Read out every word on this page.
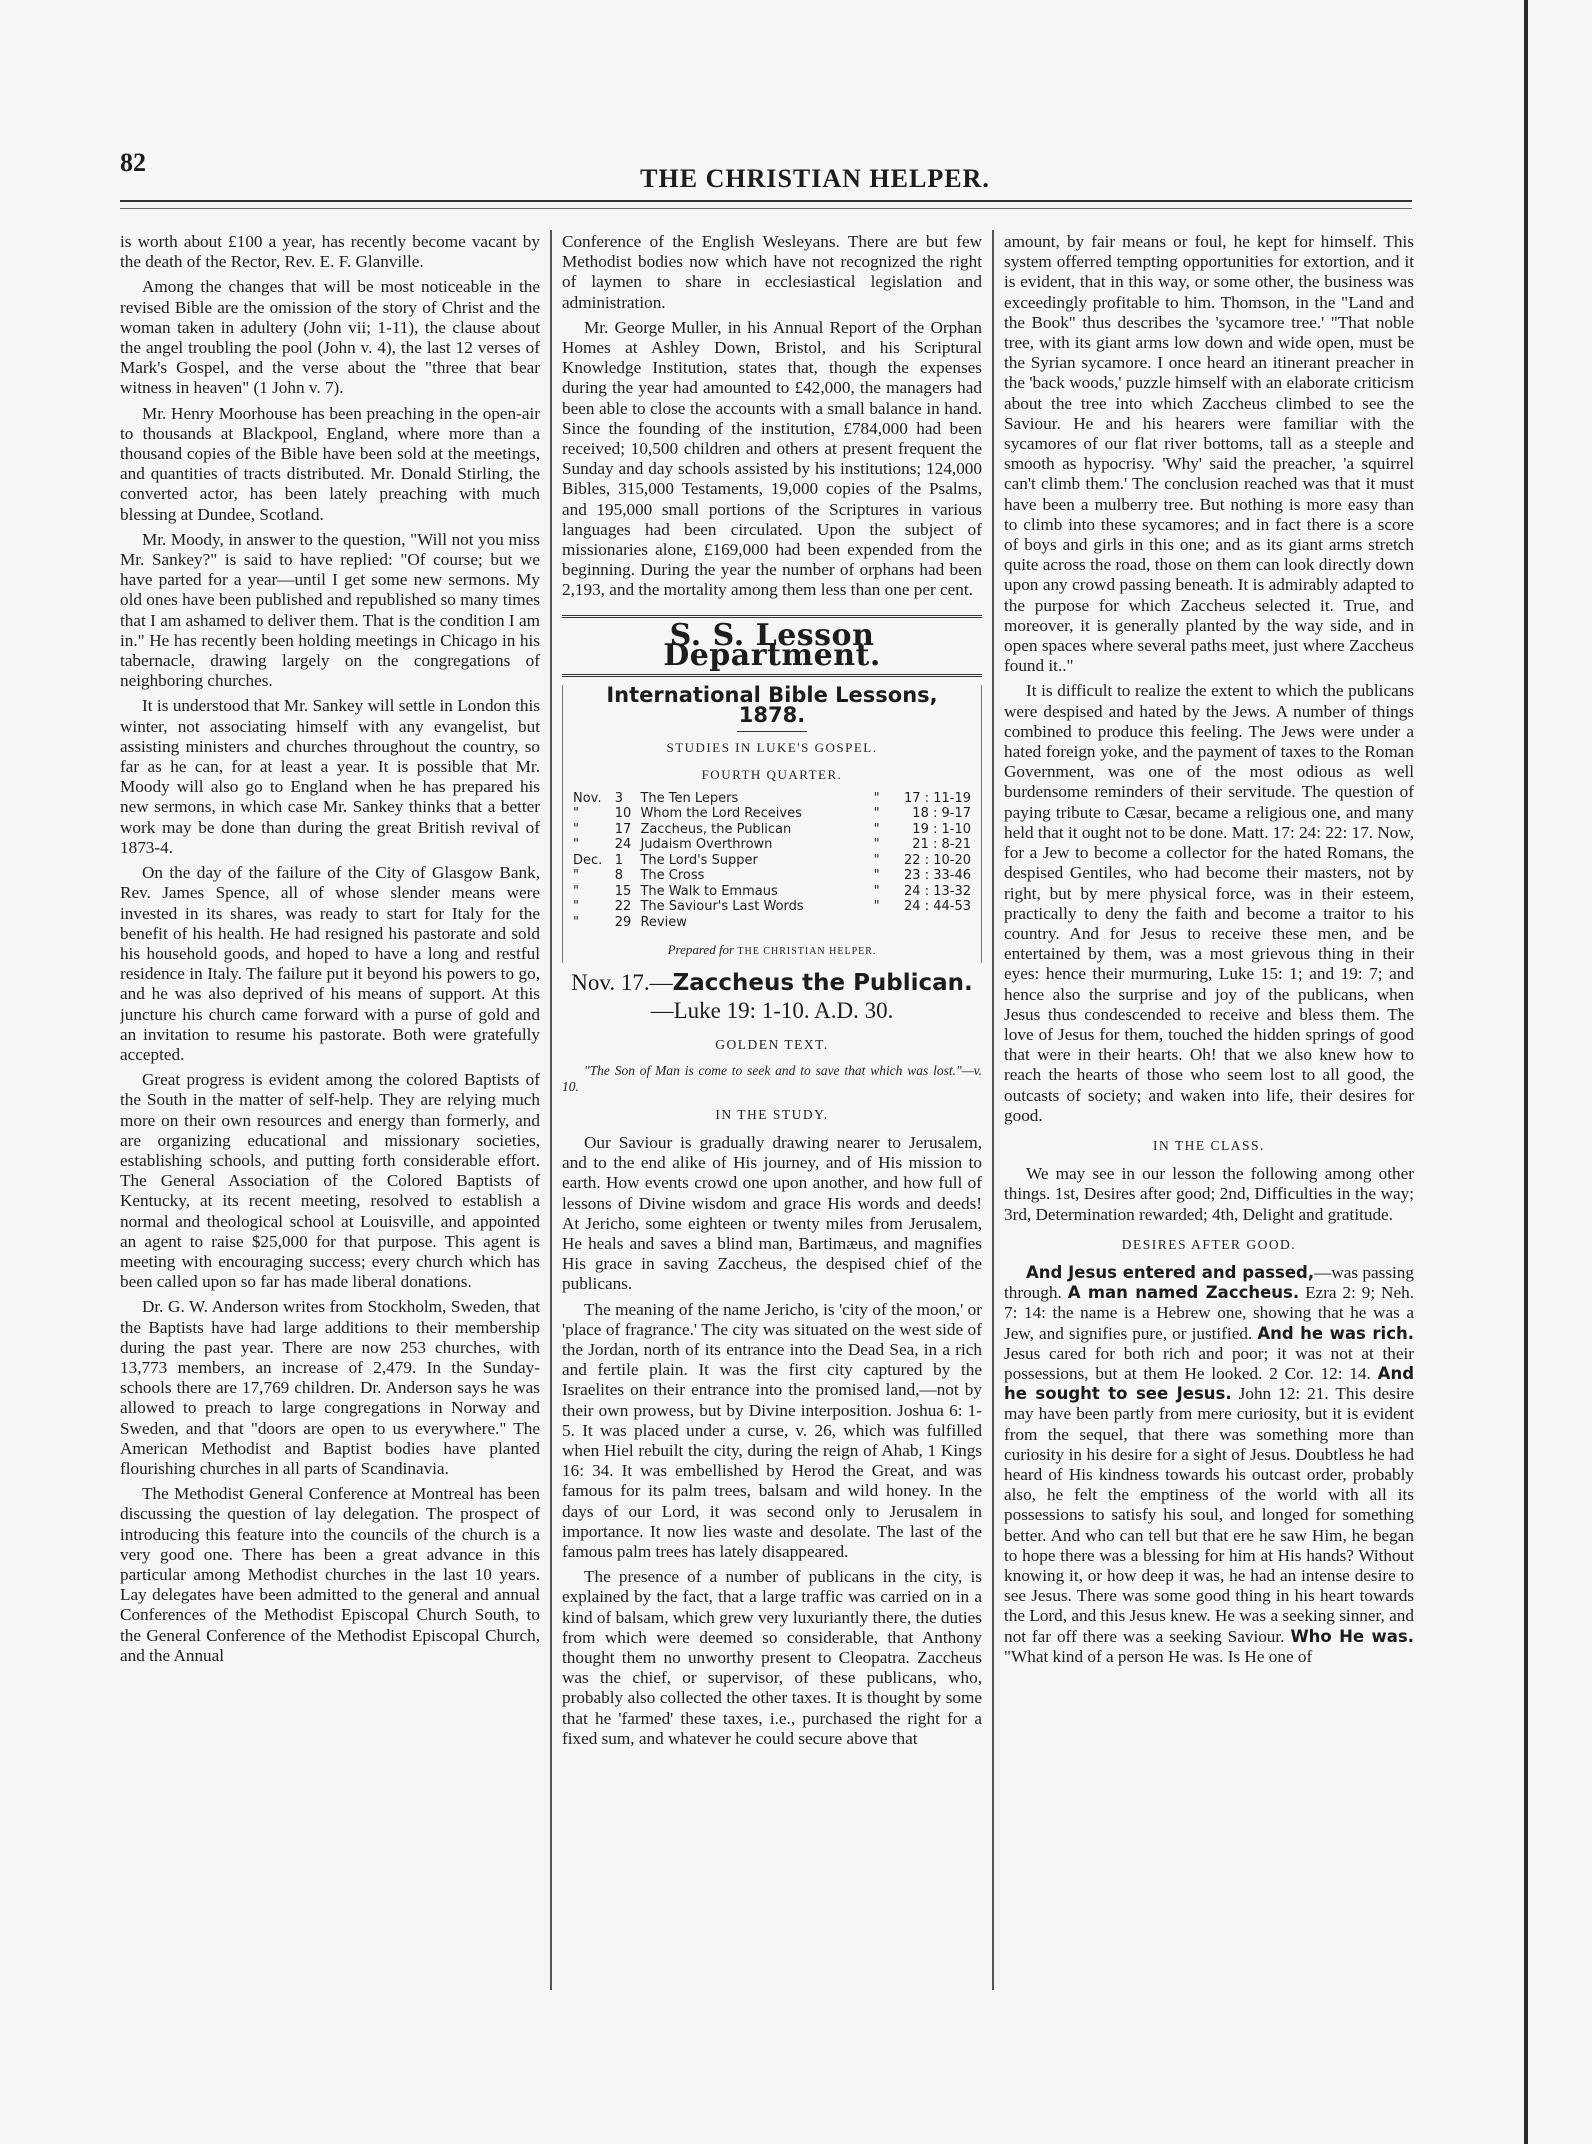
82
THE CHRISTIAN HELPER.

is worth about £100 a year, has recently become vacant by the death of the Rector, Rev. E. F. Glanville.

Among the changes that will be most noticeable in the revised Bible are the omission of the story of Christ and the woman taken in adultery (John vii; 1-11), the clause about the angel troubling the pool (John v. 4), the last 12 verses of Mark's Gospel, and the verse about the "three that bear witness in heaven" (1 John v. 7).

Mr. Henry Moorhouse has been preaching in the open-air to thousands at Blackpool, England, where more than a thousand copies of the Bible have been sold at the meetings, and quantities of tracts distributed. Mr. Donald Stirling, the converted actor, has been lately preaching with much blessing at Dundee, Scotland.

Mr. Moody, in answer to the question, "Will not you miss Mr. Sankey?" is said to have replied: "Of course; but we have parted for a year—until I get some new sermons. My old ones have been published and republished so many times that I am ashamed to deliver them. That is the condition I am in." He has recently been holding meetings in Chicago in his tabernacle, drawing largely on the congregations of neighboring churches.

It is understood that Mr. Sankey will settle in London this winter, not associating himself with any evangelist, but assisting ministers and churches throughout the country, so far as he can, for at least a year. It is possible that Mr. Moody will also go to England when he has prepared his new sermons, in which case Mr. Sankey thinks that a better work may be done than during the great British revival of 1873-4.

On the day of the failure of the City of Glasgow Bank, Rev. James Spence, all of whose slender means were invested in its shares, was ready to start for Italy for the benefit of his health. He had resigned his pastorate and sold his household goods, and hoped to have a long and restful residence in Italy. The failure put it beyond his powers to go, and he was also deprived of his means of support. At this juncture his church came forward with a purse of gold and an invitation to resume his pastorate. Both were gratefully accepted.

Great progress is evident among the colored Baptists of the South in the matter of self-help. They are relying much more on their own resources and energy than formerly, and are organizing educational and missionary societies, establishing schools, and putting forth considerable effort. The General Association of the Colored Baptists of Kentucky, at its recent meeting, resolved to establish a normal and theological school at Louisville, and appointed an agent to raise $25,000 for that purpose. This agent is meeting with encouraging success; every church which has been called upon so far has made liberal donations.

Dr. G. W. Anderson writes from Stockholm, Sweden, that the Baptists have had large additions to their membership during the past year. There are now 253 churches, with 13,773 members, an increase of 2,479. In the Sunday-schools there are 17,769 children. Dr. Anderson says he was allowed to preach to large congregations in Norway and Sweden, and that "doors are open to us everywhere." The American Methodist and Baptist bodies have planted flourishing churches in all parts of Scandinavia.

The Methodist General Conference at Montreal has been discussing the question of lay delegation. The prospect of introducing this feature into the councils of the church is a very good one. There has been a great advance in this particular among Methodist churches in the last 10 years. Lay delegates have been admitted to the general and annual Conferences of the Methodist Episcopal Church South, to the General Conference of the Methodist Episcopal Church, and the Annual

Conference of the English Wesleyans. There are but few Methodist bodies now which have not recognized the right of laymen to share in ecclesiastical legislation and administration.

Mr. George Muller, in his Annual Report of the Orphan Homes at Ashley Down, Bristol, and his Scriptural Knowledge Institution, states that, though the expenses during the year had amounted to £42,000, the managers had been able to close the accounts with a small balance in hand. Since the founding of the institution, £784,000 had been received; 10,500 children and others at present frequent the Sunday and day schools assisted by his institutions; 124,000 Bibles, 315,000 Testaments, 19,000 copies of the Psalms, and 195,000 small portions of the Scriptures in various languages had been circulated. Upon the subject of missionaries alone, £169,000 had been expended from the beginning. During the year the number of orphans had been 2,193, and the mortality among them less than one per cent.

S. S. Lesson Department.
International Bible Lessons, 1878.
STUDIES IN LUKE'S GOSPEL.
FOURTH QUARTER.
Nov.	3	The Ten Lepers	"	17 : 11-19
"	10	Whom the Lord Receives	"	18 : 9-17
"	17	Zaccheus, the Publican	"	19 : 1-10
"	24	Judaism Overthrown	"	21 : 8-21
Dec.	1	The Lord's Supper	"	22 : 10-20
"	8	The Cross	"	23 : 33-46
"	15	The Walk to Emmaus	"	24 : 13-32
"	22	The Saviour's Last Words	"	24 : 44-53
"	29	Review		
Prepared for THE CHRISTIAN HELPER.
Nov. 17.—Zaccheus the Publican.—Luke 19: 1-10. A.D. 30.
GOLDEN TEXT.

"The Son of Man is come to seek and to save that which was lost."—v. 10.

IN THE STUDY.

Our Saviour is gradually drawing nearer to Jerusalem, and to the end alike of His journey, and of His mission to earth. How events crowd one upon another, and how full of lessons of Divine wisdom and grace His words and deeds! At Jericho, some eighteen or twenty miles from Jerusalem, He heals and saves a blind man, Bartimæus, and magnifies His grace in saving Zaccheus, the despised chief of the publicans.

The meaning of the name Jericho, is 'city of the moon,' or 'place of fragrance.' The city was situated on the west side of the Jordan, north of its entrance into the Dead Sea, in a rich and fertile plain. It was the first city captured by the Israelites on their entrance into the promised land,—not by their own prowess, but by Divine interposition. Joshua 6: 1-5. It was placed under a curse, v. 26, which was fulfilled when Hiel rebuilt the city, during the reign of Ahab, 1 Kings 16: 34. It was embellished by Herod the Great, and was famous for its palm trees, balsam and wild honey. In the days of our Lord, it was second only to Jerusalem in importance. It now lies waste and desolate. The last of the famous palm trees has lately disappeared.

The presence of a number of publicans in the city, is explained by the fact, that a large traffic was carried on in a kind of balsam, which grew very luxuriantly there, the duties from which were deemed so considerable, that Anthony thought them no unworthy present to Cleopatra. Zaccheus was the chief, or supervisor, of these publicans, who, probably also collected the other taxes. It is thought by some that he 'farmed' these taxes, i.e., purchased the right for a fixed sum, and whatever he could secure above that

amount, by fair means or foul, he kept for himself. This system offerred tempting opportunities for extortion, and it is evident, that in this way, or some other, the business was exceedingly profitable to him. Thomson, in the "Land and the Book" thus describes the 'sycamore tree.' "That noble tree, with its giant arms low down and wide open, must be the Syrian sycamore. I once heard an itinerant preacher in the 'back woods,' puzzle himself with an elaborate criticism about the tree into which Zaccheus climbed to see the Saviour. He and his hearers were familiar with the sycamores of our flat river bottoms, tall as a steeple and smooth as hypocrisy. 'Why' said the preacher, 'a squirrel can't climb them.' The conclusion reached was that it must have been a mulberry tree. But nothing is more easy than to climb into these sycamores; and in fact there is a score of boys and girls in this one; and as its giant arms stretch quite across the road, those on them can look directly down upon any crowd passing beneath. It is admirably adapted to the purpose for which Zaccheus selected it. True, and moreover, it is generally planted by the way side, and in open spaces where several paths meet, just where Zaccheus found it.."

It is difficult to realize the extent to which the publicans were despised and hated by the Jews. A number of things combined to produce this feeling. The Jews were under a hated foreign yoke, and the payment of taxes to the Roman Government, was one of the most odious as well burdensome reminders of their servitude. The question of paying tribute to Cæsar, became a religious one, and many held that it ought not to be done. Matt. 17: 24: 22: 17. Now, for a Jew to become a collector for the hated Romans, the despised Gentiles, who had become their masters, not by right, but by mere physical force, was in their esteem, practically to deny the faith and become a traitor to his country. And for Jesus to receive these men, and be entertained by them, was a most grievous thing in their eyes: hence their murmuring, Luke 15: 1; and 19: 7; and hence also the surprise and joy of the publicans, when Jesus thus condescended to receive and bless them. The love of Jesus for them, touched the hidden springs of good that were in their hearts. Oh! that we also knew how to reach the hearts of those who seem lost to all good, the outcasts of society; and waken into life, their desires for good.

IN THE CLASS.

We may see in our lesson the following among other things. 1st, Desires after good; 2nd, Difficulties in the way; 3rd, Determination rewarded; 4th, Delight and gratitude.

DESIRES AFTER GOOD.

And Jesus entered and passed,—was passing through. A man named Zaccheus. Ezra 2: 9; Neh. 7: 14: the name is a Hebrew one, showing that he was a Jew, and signifies pure, or justified. And he was rich. Jesus cared for both rich and poor; it was not at their possessions, but at them He looked. 2 Cor. 12: 14. And he sought to see Jesus. John 12: 21. This desire may have been partly from mere curiosity, but it is evident from the sequel, that there was something more than curiosity in his desire for a sight of Jesus. Doubtless he had heard of His kindness towards his outcast order, probably also, he felt the emptiness of the world with all its possessions to satisfy his soul, and longed for something better. And who can tell but that ere he saw Him, he began to hope there was a blessing for him at His hands? Without knowing it, or how deep it was, he had an intense desire to see Jesus. There was some good thing in his heart towards the Lord, and this Jesus knew. He was a seeking sinner, and not far off there was a seeking Saviour. Who He was. "What kind of a person He was. Is He one of
